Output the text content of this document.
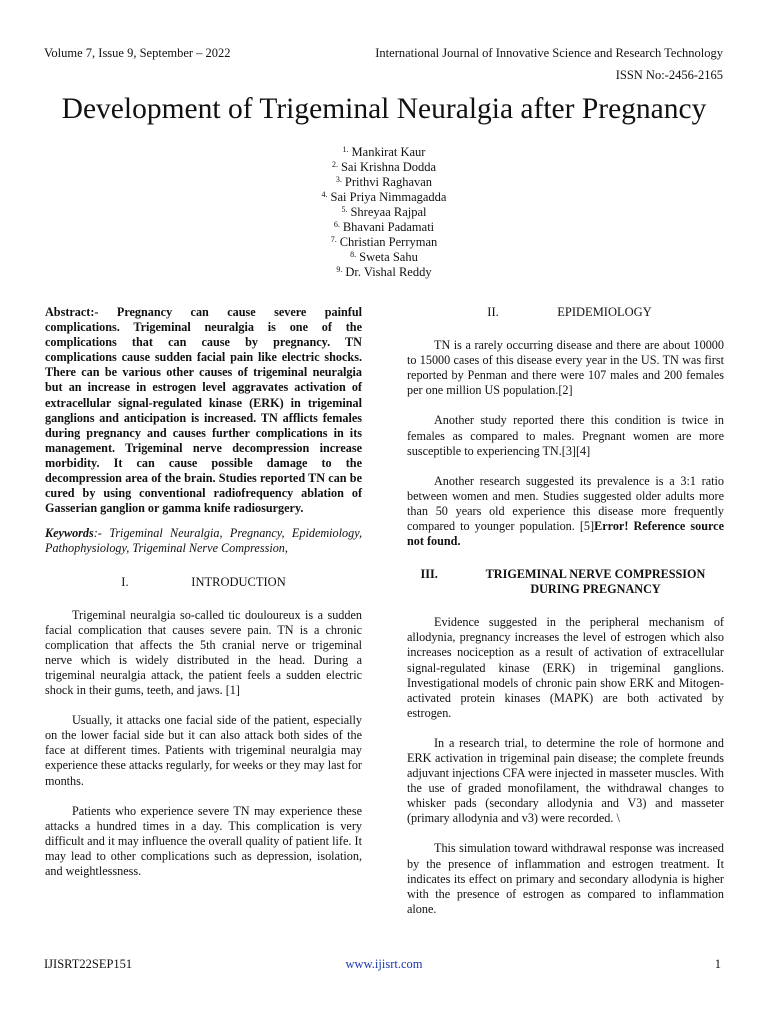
Volume 7, Issue 9, September – 2022	International Journal of Innovative Science and Research Technology
ISSN No:-2456-2165
Development of Trigeminal Neuralgia after Pregnancy
$^{1.}$ Mankirat Kaur
$^{2.}$ Sai Krishna Dodda
$^{3.}$ Prithvi Raghavan
$^{4.}$ Sai Priya Nimmagadda
$^{5.}$ Shreyaa Rajpal
$^{6.}$ Bhavani Padamati
$^{7.}$ Christian Perryman
$^{8.}$ Sweta Sahu
$^{9.}$ Dr. Vishal Reddy

Abstract:- Pregnancy can cause severe painful complications. Trigeminal neuralgia is one of the complications that can cause by pregnancy. TN complications cause sudden facial pain like electric shocks. There can be various other causes of trigeminal neuralgia but an increase in estrogen level aggravates activation of extracellular signal-regulated kinase (ERK) in trigeminal ganglions and anticipation is increased. TN afflicts females during pregnancy and causes further complications in its management. Trigeminal nerve decompression increase morbidity. It can cause possible damage to the decompression area of the brain. Studies reported TN can be cured by using conventional radiofrequency ablation of Gasserian ganglion or gamma knife radiosurgery.

Keywords:- Trigeminal Neuralgia, Pregnancy, Epidemiology, Pathophysiology, Trigeminal Nerve Compression,

I.	INTRODUCTION

Trigeminal neuralgia so-called tic douloureux is a sudden facial complication that causes severe pain. TN is a chronic complication that affects the 5th cranial nerve or trigeminal nerve which is widely distributed in the head. During a trigeminal neuralgia attack, the patient feels a sudden electric shock in their gums, teeth, and jaws. [1]

Usually, it attacks one facial side of the patient, especially on the lower facial side but it can also attack both sides of the face at different times. Patients with trigeminal neuralgia may experience these attacks regularly, for weeks or they may last for months.

Patients who experience severe TN may experience these attacks a hundred times in a day. This complication is very difficult and it may influence the overall quality of patient life. It may lead to other complications such as depression, isolation, and weightlessness.

II.	EPIDEMIOLOGY

TN is a rarely occurring disease and there are about 10000 to 15000 cases of this disease every year in the US. TN was first reported by Penman and there were 107 males and 200 females per one million US population.[2]

Another study reported there this condition is twice in females as compared to males. Pregnant women are more susceptible to experiencing TN.[3][4]

Another research suggested its prevalence is a 3:1 ratio between women and men. Studies suggested older adults more than 50 years old experience this disease more frequently compared to younger population. [5]Error! Reference source not found.

III.	TRIGEMINAL NERVE COMPRESSION
DURING PREGNANCY

Evidence suggested in the peripheral mechanism of allodynia, pregnancy increases the level of estrogen which also increases nociception as a result of activation of extracellular signal-regulated kinase (ERK) in trigeminal ganglions. Investigational models of chronic pain show ERK and Mitogen-activated protein kinases (MAPK) are both activated by estrogen.

In a research trial, to determine the role of hormone and ERK activation in trigeminal pain disease; the complete freunds adjuvant injections CFA were injected in masseter muscles. With the use of graded monofilament, the withdrawal changes to whisker pads (secondary allodynia and V3) and masseter (primary allodynia and v3) were recorded. \

This simulation toward withdrawal response was increased by the presence of inflammation and estrogen treatment. It indicates its effect on primary and secondary allodynia is higher with the presence of estrogen as compared to inflammation alone.

IJISRT22SEP151	www.ijisrt.com	1
